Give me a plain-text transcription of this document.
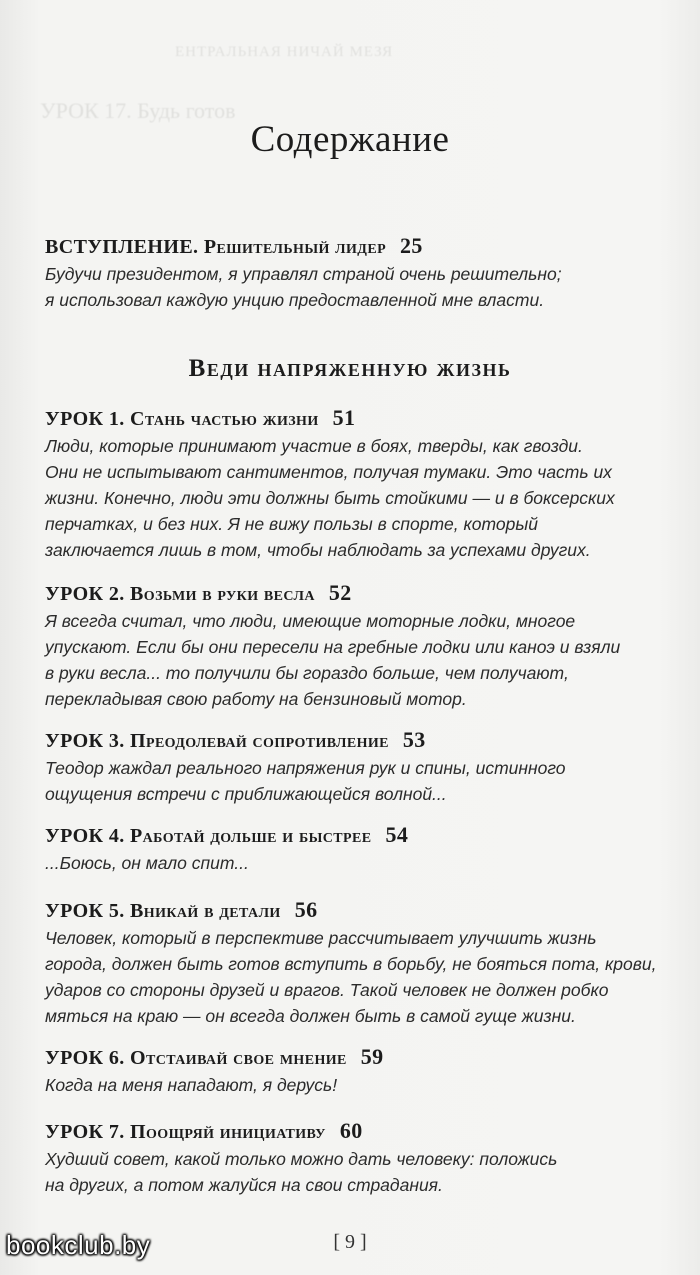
ЕНТРАЛЬНАЯ НИЧАЙ МЕЗЯ
УРОК 17. Будь готов
Содержание
ВСТУПЛЕНИЕ. Решительный лидер 25
Будучи президентом, я управлял страной очень решительно;
я использовал каждую унцию предоставленной мне власти.
Веди напряженную жизнь
УРОК 1. Стань частью жизни 51
Люди, которые принимают участие в боях, тверды, как гвозди.
Они не испытывают сантиментов, получая тумаки. Это часть их
жизни. Конечно, люди эти должны быть стойкими — и в боксерских
перчатках, и без них. Я не вижу пользы в спорте, который
заключается лишь в том, чтобы наблюдать за успехами других.
УРОК 2. Возьми в руки весла 52
Я всегда считал, что люди, имеющие моторные лодки, многое
упускают. Если бы они пересели на гребные лодки или каноэ и взяли
в руки весла... то получили бы гораздо больше, чем получают,
перекладывая свою работу на бензиновый мотор.
УРОК 3. Преодолевай сопротивление 53
Теодор жаждал реального напряжения рук и спины, истинного
ощущения встречи с приближающейся волной...
УРОК 4. Работай дольше и быстрее 54
...Боюсь, он мало спит...
УРОК 5. Вникай в детали 56
Человек, который в перспективе рассчитывает улучшить жизнь
города, должен быть готов вступить в борьбу, не бояться пота, крови,
ударов со стороны друзей и врагов. Такой человек не должен робко
мяться на краю — он всегда должен быть в самой гуще жизни.
УРОК 6. Отстаивай свое мнение 59
Когда на меня нападают, я дерусь!
УРОК 7. Поощряй инициативу 60
Худший совет, какой только можно дать человеку: положись
на других, а потом жалуйся на свои страдания.
[ 9 ]
bookclub.by
